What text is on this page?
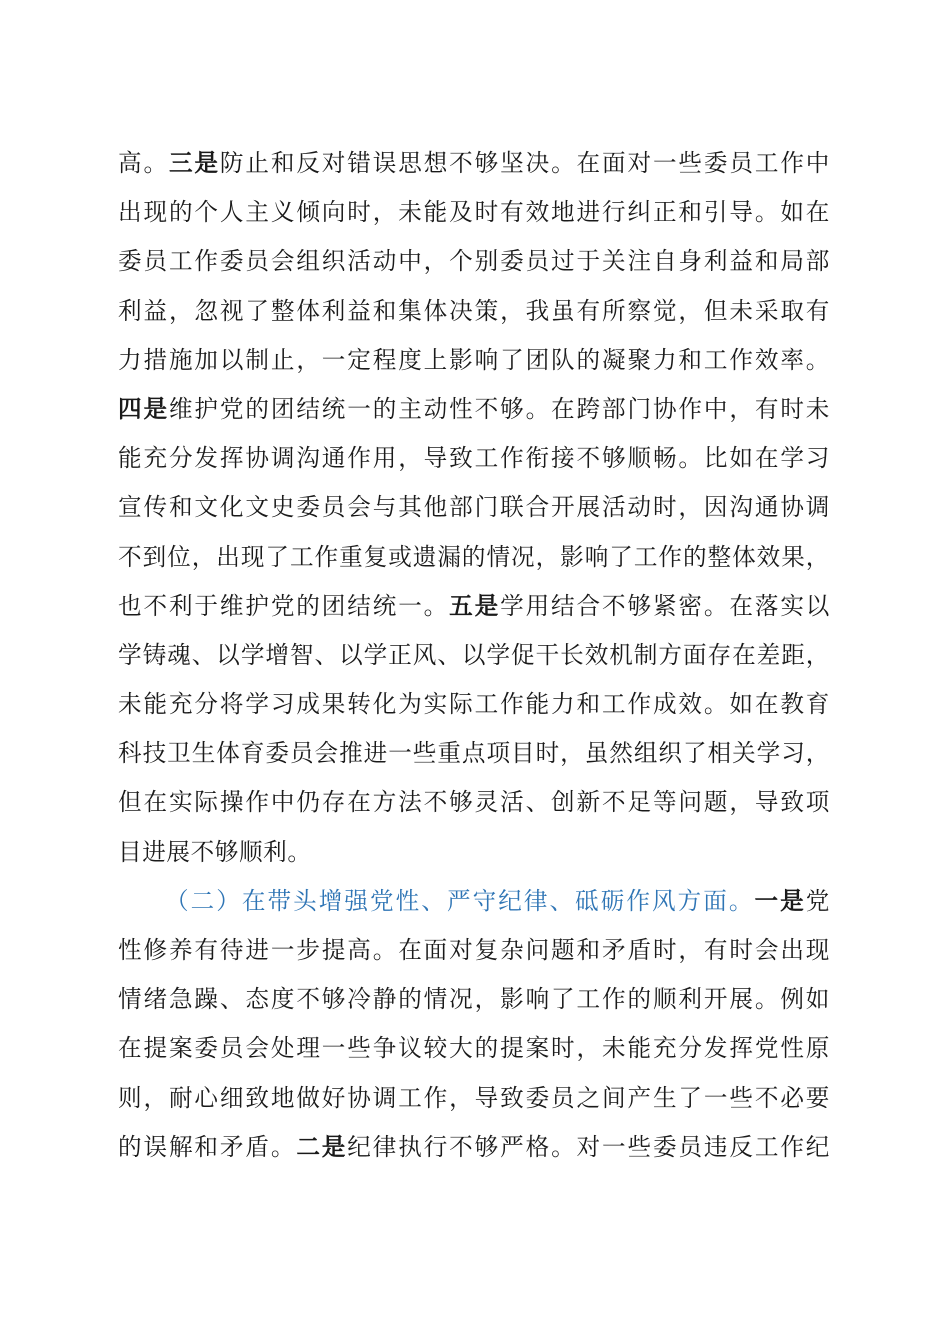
高。三是防止和反对错误思想不够坚决。在面对一些委员工作中
出现的个人主义倾向时，未能及时有效地进行纠正和引导。如在
委员工作委员会组织活动中，个别委员过于关注自身利益和局部
利益，忽视了整体利益和集体决策，我虽有所察觉，但未采取有
力措施加以制止，一定程度上影响了团队的凝聚力和工作效率。
四是维护党的团结统一的主动性不够。在跨部门协作中，有时未
能充分发挥协调沟通作用，导致工作衔接不够顺畅。比如在学习
宣传和文化文史委员会与其他部门联合开展活动时，因沟通协调
不到位，出现了工作重复或遗漏的情况，影响了工作的整体效果，
也不利于维护党的团结统一。五是学用结合不够紧密。在落实以
学铸魂、以学增智、以学正风、以学促干长效机制方面存在差距，
未能充分将学习成果转化为实际工作能力和工作成效。如在教育
科技卫生体育委员会推进一些重点项目时，虽然组织了相关学习，
但在实际操作中仍存在方法不够灵活、创新不足等问题，导致项
目进展不够顺利。
（二）在带头增强党性、严守纪律、砥砺作风方面。一是党
性修养有待进一步提高。在面对复杂问题和矛盾时，有时会出现
情绪急躁、态度不够冷静的情况，影响了工作的顺利开展。例如
在提案委员会处理一些争议较大的提案时，未能充分发挥党性原
则，耐心细致地做好协调工作，导致委员之间产生了一些不必要
的误解和矛盾。二是纪律执行不够严格。对一些委员违反工作纪
